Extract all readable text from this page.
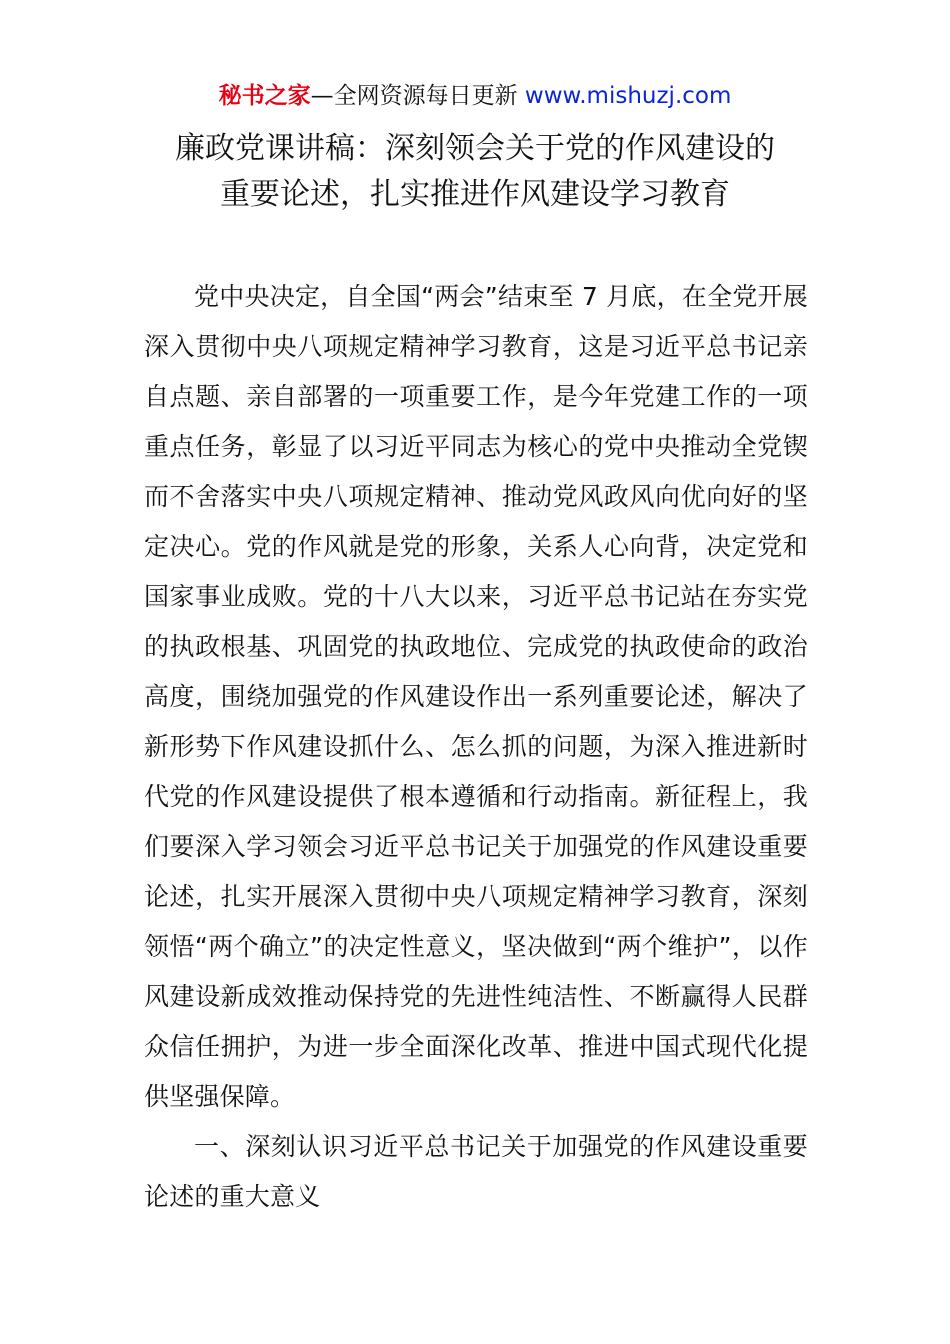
秘书之家—全网资源每日更新 www.mishuzj.com
廉政党课讲稿：深刻领会关于党的作风建设的
重要论述，扎实推进作风建设学习教育

党中央决定，自全国“两会”结束至 7 月底，在全党开展深入贯彻中央八项规定精神学习教育，这是习近平总书记亲自点题、亲自部署的一项重要工作，是今年党建工作的一项重点任务，彰显了以习近平同志为核心的党中央推动全党锲而不舍落实中央八项规定精神、推动党风政风向优向好的坚定决心。党的作风就是党的形象，关系人心向背，决定党和国家事业成败。党的十八大以来，习近平总书记站在夯实党的执政根基、巩固党的执政地位、完成党的执政使命的政治高度，围绕加强党的作风建设作出一系列重要论述，解决了新形势下作风建设抓什么、怎么抓的问题，为深入推进新时代党的作风建设提供了根本遵循和行动指南。新征程上，我们要深入学习领会习近平总书记关于加强党的作风建设重要论述，扎实开展深入贯彻中央八项规定精神学习教育，深刻领悟“两个确立”的决定性意义，坚决做到“两个维护”，以作风建设新成效推动保持党的先进性纯洁性、不断赢得人民群众信任拥护，为进一步全面深化改革、推进中国式现代化提供坚强保障。

一、深刻认识习近平总书记关于加强党的作风建设重要论述的重大意义
